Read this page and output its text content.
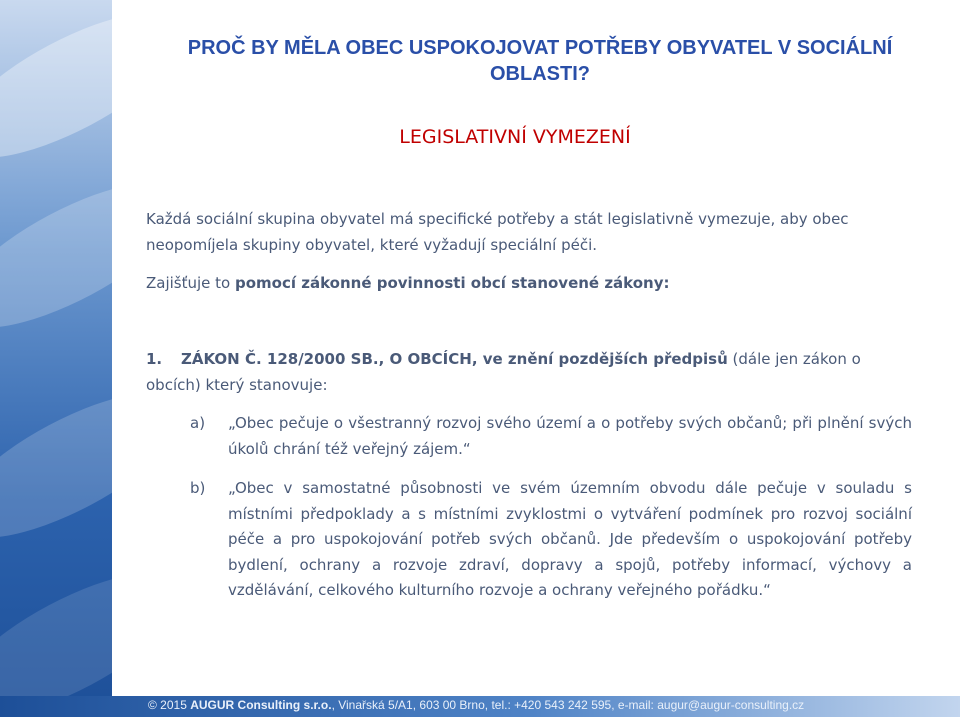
PROČ BY MĚLA OBEC USPOKOJOVAT POTŘEBY OBYVATEL V SOCIÁLNÍ OBLASTI?
LEGISLATIVNÍ VYMEZENÍ
Každá sociální skupina obyvatel má specifické potřeby a stát legislativně vymezuje, aby obec neopomíjela skupiny obyvatel, které vyžadují speciální péči.
Zajišťuje to pomocí zákonné povinnosti obcí stanovené zákony:
1. ZÁKON Č. 128/2000 SB., O OBCÍCH, ve znění pozdějších předpisů (dále jen zákon o obcích) který stanovuje:
a)	„Obec pečuje o všestranný rozvoj svého území a o potřeby svých občanů; při plnění svých úkolů chrání též veřejný zájem.“
b)	„Obec v samostatné působnosti ve svém územním obvodu dále pečuje v souladu s místními předpoklady a s místními zvyklostmi o vytváření podmínek pro rozvoj sociální péče a pro uspokojování potřeb svých občanů. Jde především o uspokojování potřeby bydlení, ochrany a rozvoje zdraví, dopravy a spojů, potřeby informací, výchovy a vzdělávání, celkového kulturního rozvoje a ochrany veřejného pořádku.“
© 2015 AUGUR Consulting s.r.o., Vinařská 5/A1, 603 00 Brno, tel.: +420 543 242 595, e-mail: augur@augur-consulting.cz
